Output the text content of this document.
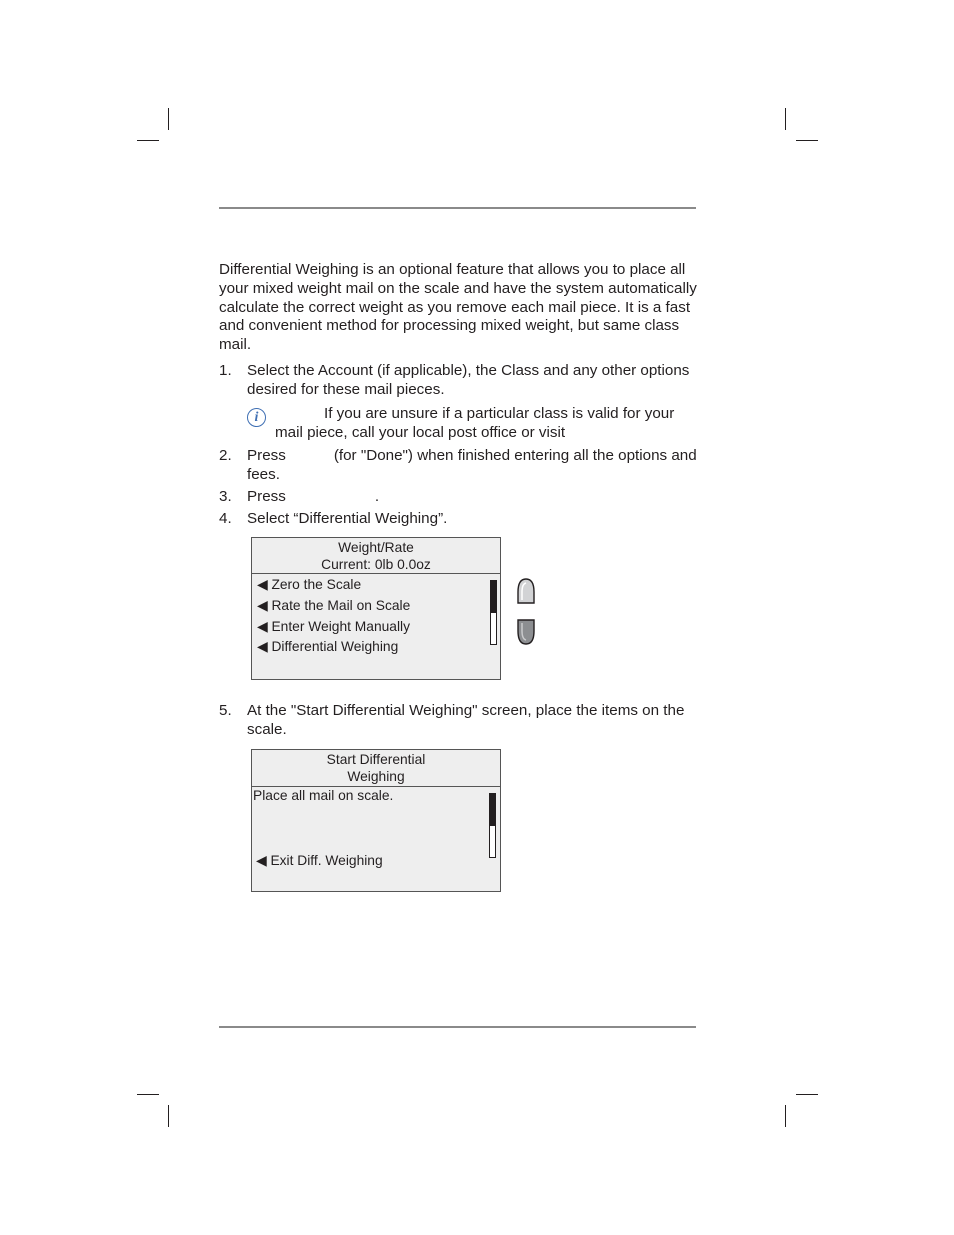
Differential Weighing is an optional feature that allows you to place all your mixed weight mail on the scale and have the system automatically calculate the correct weight as you remove each mail piece. It is a fast and convenient method for processing mixed weight, but same class mail.

1. Select the Account (if applicable), the Class and any other options desired for these mail pieces.
i	If you are unsure if a particular class is valid for your
mail piece, call your local post office or visit
2. Press	(for "Done") when finished entering all the options and fees.
3. Press	.
4. Select “Differential Weighing”.
Weight/Rate
Current: 0lb 0.0oz
◀ Zero the Scale
◀ Rate the Mail on Scale
◀ Enter Weight Manually
◀ Differential Weighing
5. At the "Start Differential Weighing" screen, place the items on the scale.
Start Differential
Weighing
Place all mail on scale.
◀ Exit Diff. Weighing
